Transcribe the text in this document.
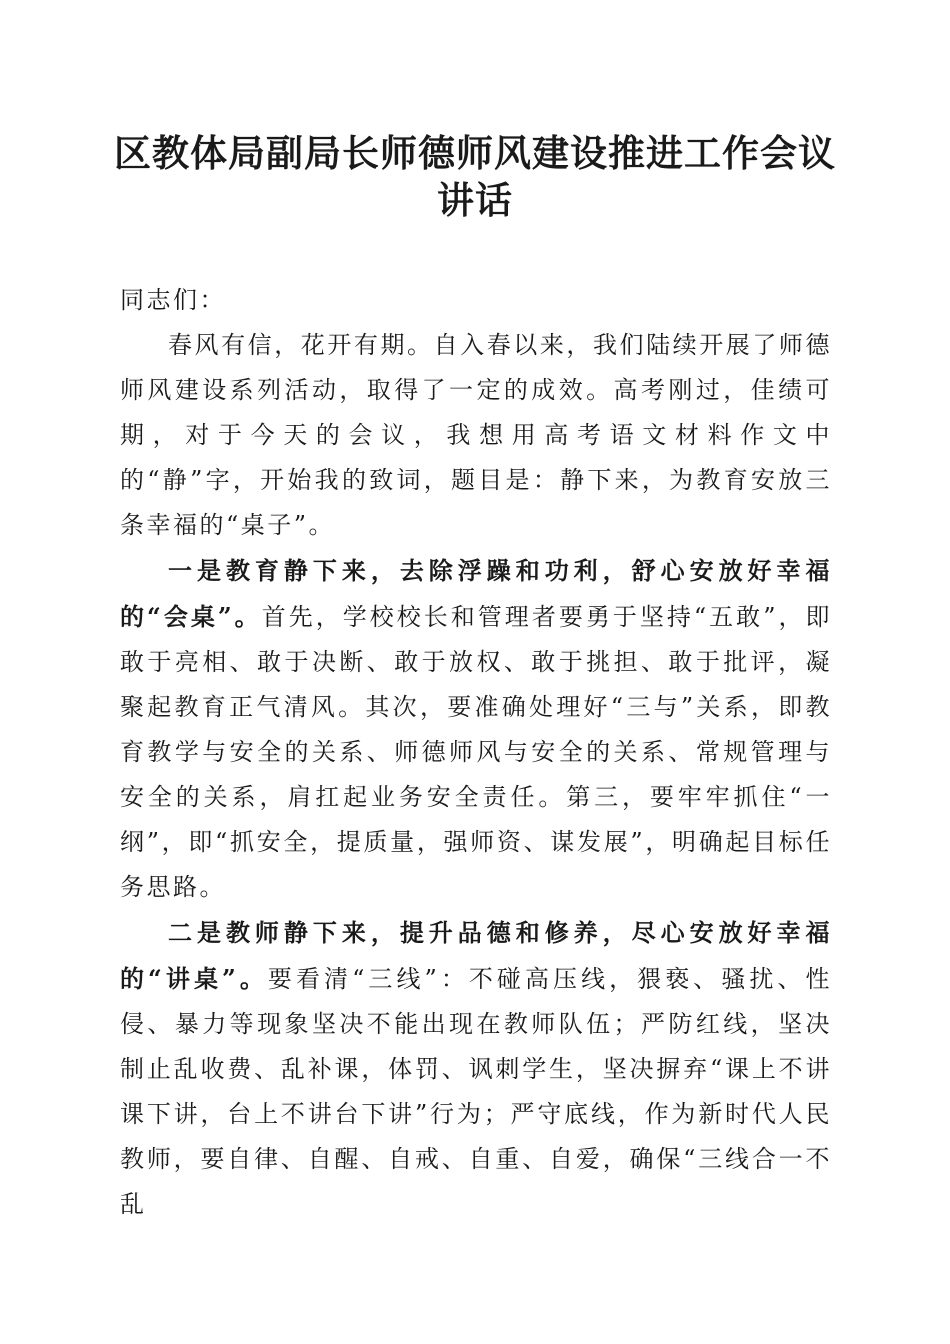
区教体局副局长师德师风建设推进工作会议讲话

同志们：

春风有信，花开有期。自入春以来，我们陆续开展了师德师风建设系列活动，取得了一定的成效。高考刚过，佳绩可期，对于今天的会议，我想用高考语文材料作文中的“静”字，开始我的致词，题目是：静下来，为教育安放三条幸福的“桌子”。

一是教育静下来，去除浮躁和功利，舒心安放好幸福的“会桌”。首先，学校校长和管理者要勇于坚持“五敢”，即敢于亮相、敢于决断、敢于放权、敢于挑担、敢于批评，凝聚起教育正气清风。其次，要准确处理好“三与”关系，即教育教学与安全的关系、师德师风与安全的关系、常规管理与安全的关系，肩扛起业务安全责任。第三，要牢牢抓住“一纲”，即“抓安全，提质量，强师资、谋发展”，明确起目标任务思路。

二是教师静下来，提升品德和修养，尽心安放好幸福的“讲桌”。要看清“三线”：不碰高压线，猥亵、骚扰、性侵、暴力等现象坚决不能出现在教师队伍；严防红线，坚决制止乱收费、乱补课，体罚、讽刺学生，坚决摒弃“课上不讲课下讲，台上不讲台下讲”行为；严守底线，作为新时代人民教师，要自律、自醒、自戒、自重、自爱，确保“三线合一不乱
